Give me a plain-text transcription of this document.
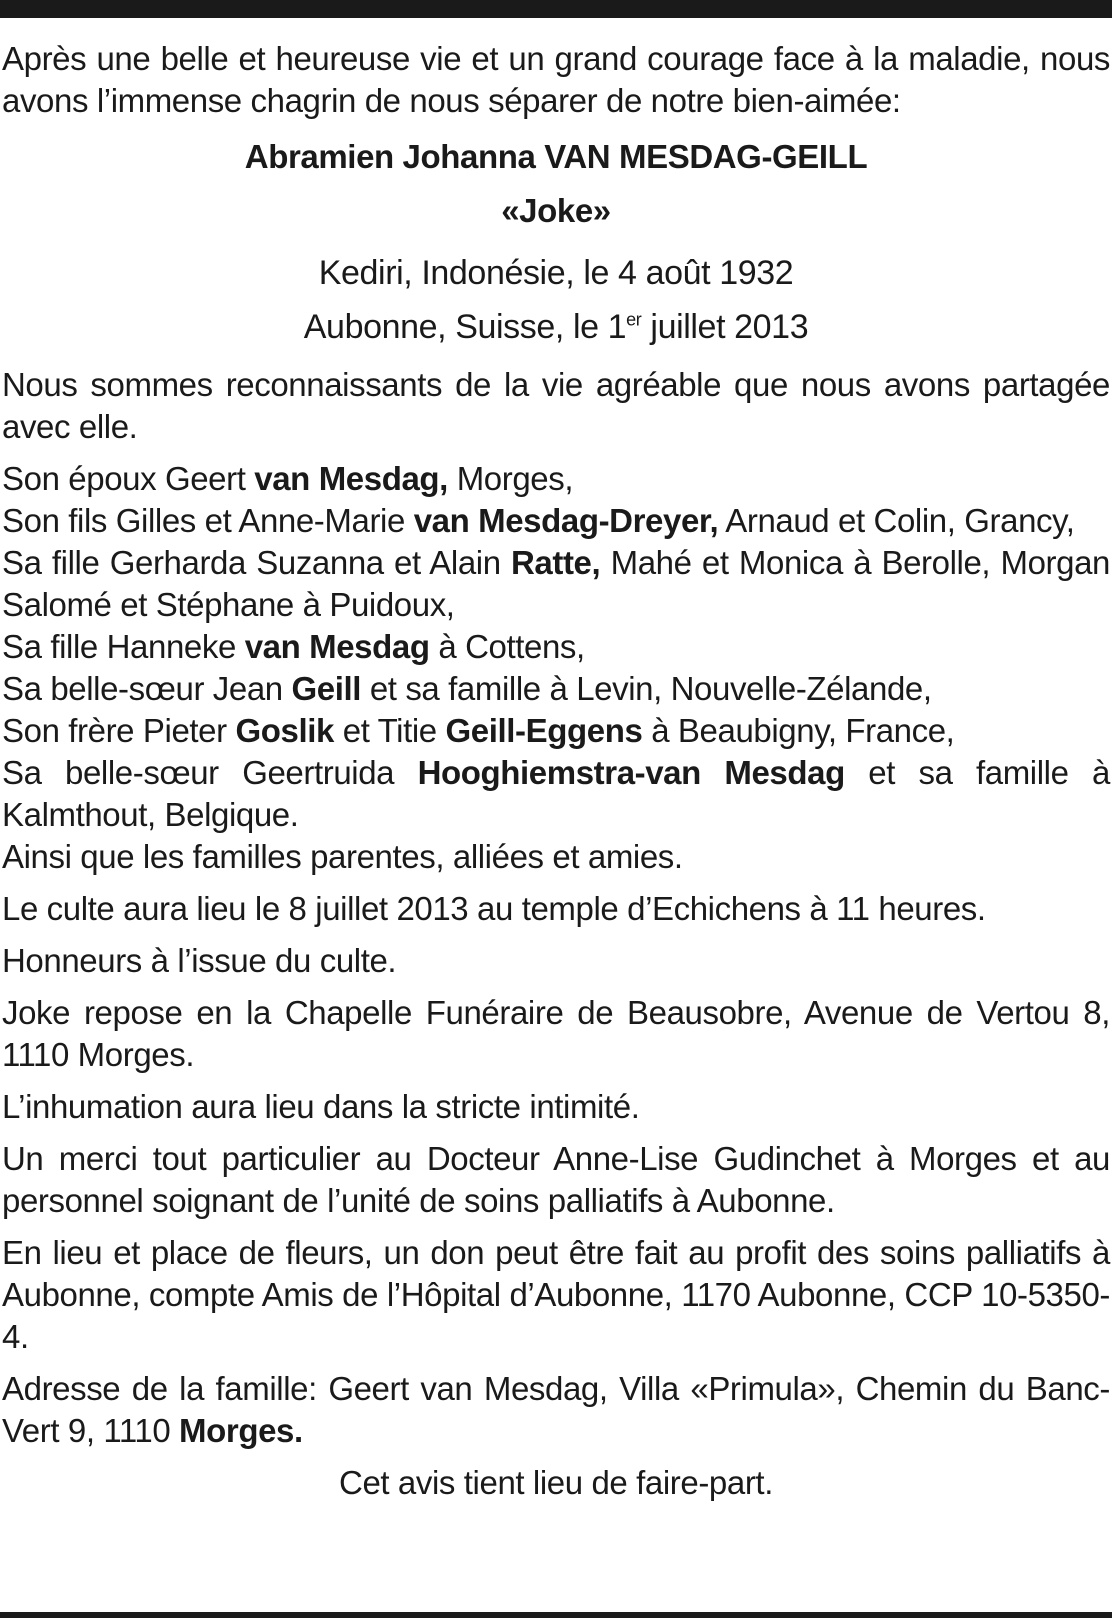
Après une belle et heureuse vie et un grand courage face à la maladie, nous avons l’immense chagrin de nous séparer de notre bien-aimée:

Abramien Johanna VAN MESDAG-GEILL

«Joke»

Kediri, Indonésie, le 4 août 1932

Aubonne, Suisse, le 1er juillet 2013

Nous sommes reconnaissants de la vie agréable que nous avons partagée avec elle.

Son époux Geert van Mesdag, Morges,

Son fils Gilles et Anne-Marie van Mesdag-Dreyer, Arnaud et Colin, Grancy,

Sa fille Gerharda Suzanna et Alain Ratte, Mahé et Monica à Berolle, Morgan Salomé et Stéphane à Puidoux,

Sa fille Hanneke van Mesdag à Cottens,

Sa belle-sœur Jean Geill et sa famille à Levin, Nouvelle-Zélande,

Son frère Pieter Goslik et Titie Geill-Eggens à Beaubigny, France,

Sa belle-sœur Geertruida Hooghiemstra-van Mesdag et sa famille à Kalmthout, Belgique.

Ainsi que les familles parentes, alliées et amies.

Le culte aura lieu le 8 juillet 2013 au temple d’Echichens à 11 heures.

Honneurs à l’issue du culte.

Joke repose en la Chapelle Funéraire de Beausobre, Avenue de Vertou 8, 1110 Morges.

L’inhumation aura lieu dans la stricte intimité.

Un merci tout particulier au Docteur Anne-Lise Gudinchet à Morges et au personnel soignant de l’unité de soins palliatifs à Aubonne.

En lieu et place de fleurs, un don peut être fait au profit des soins palliatifs à Aubonne, compte Amis de l’Hôpital d’Aubonne, 1170 Aubonne, CCP 10-5350-4.

Adresse de la famille: Geert van Mesdag, Villa «Primula», Chemin du Banc-Vert 9, 1110 Morges.

Cet avis tient lieu de faire-part.
